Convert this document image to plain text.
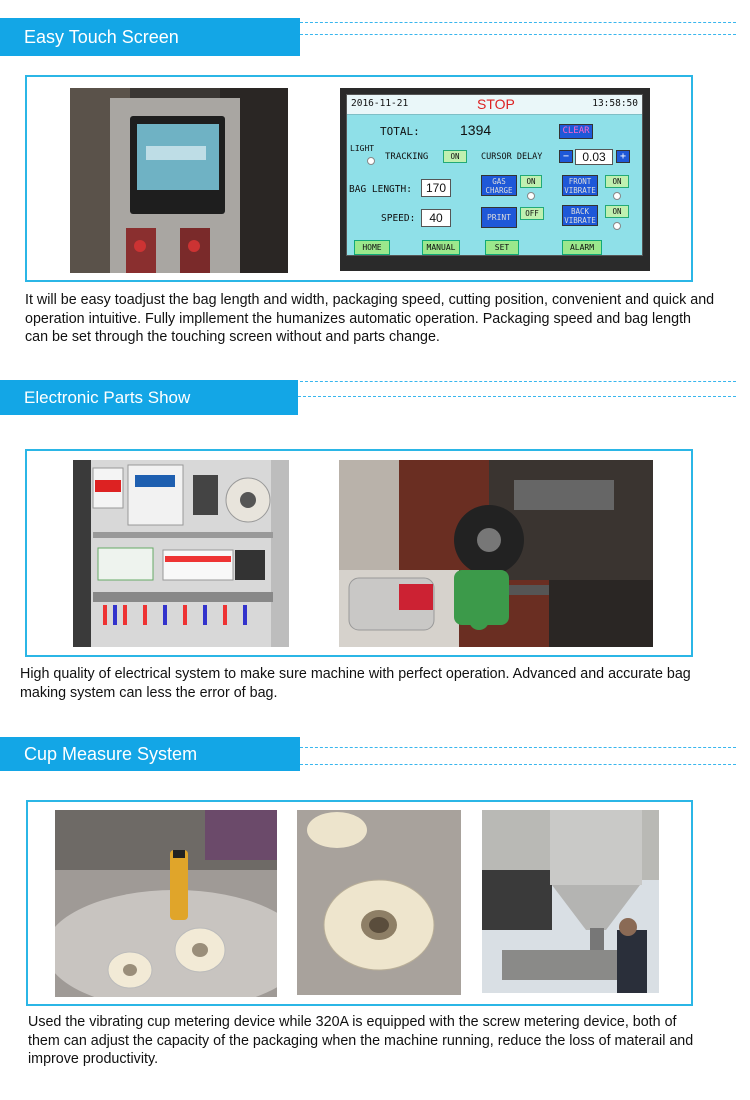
Easy Touch Screen
2016-11-21	STOP	13:58:50
TOTAL:	1394	CLEAR
LIGHT
TRACKING	ON	CURSOR DELAY	−	0.03	+
BAG LENGTH:	170	GAS CHARGE
ON	FRONT VIBRATE
ON
SPEED:	40	PRINT	OFF	BACK VIBRATE
ON
HOME	MANUAL	SET	ALARM

It will be easy toadjust the bag length and width, packaging speed, cutting position, convenient and quick and operation intuitive. Fully impllement the humanizes automatic operation. Packaging speed and bag length can be set through the touching screen without and parts change.

Electronic Parts Show

High quality of electrical system to make sure machine with perfect operation. Advanced and accurate bag making system can less the error of bag.

Cup Measure System

Used the vibrating cup metering device while 320A is equipped with the screw metering device, both of them can adjust the capacity of the packaging when the machine running, reduce the loss of materail and improve productivity.
